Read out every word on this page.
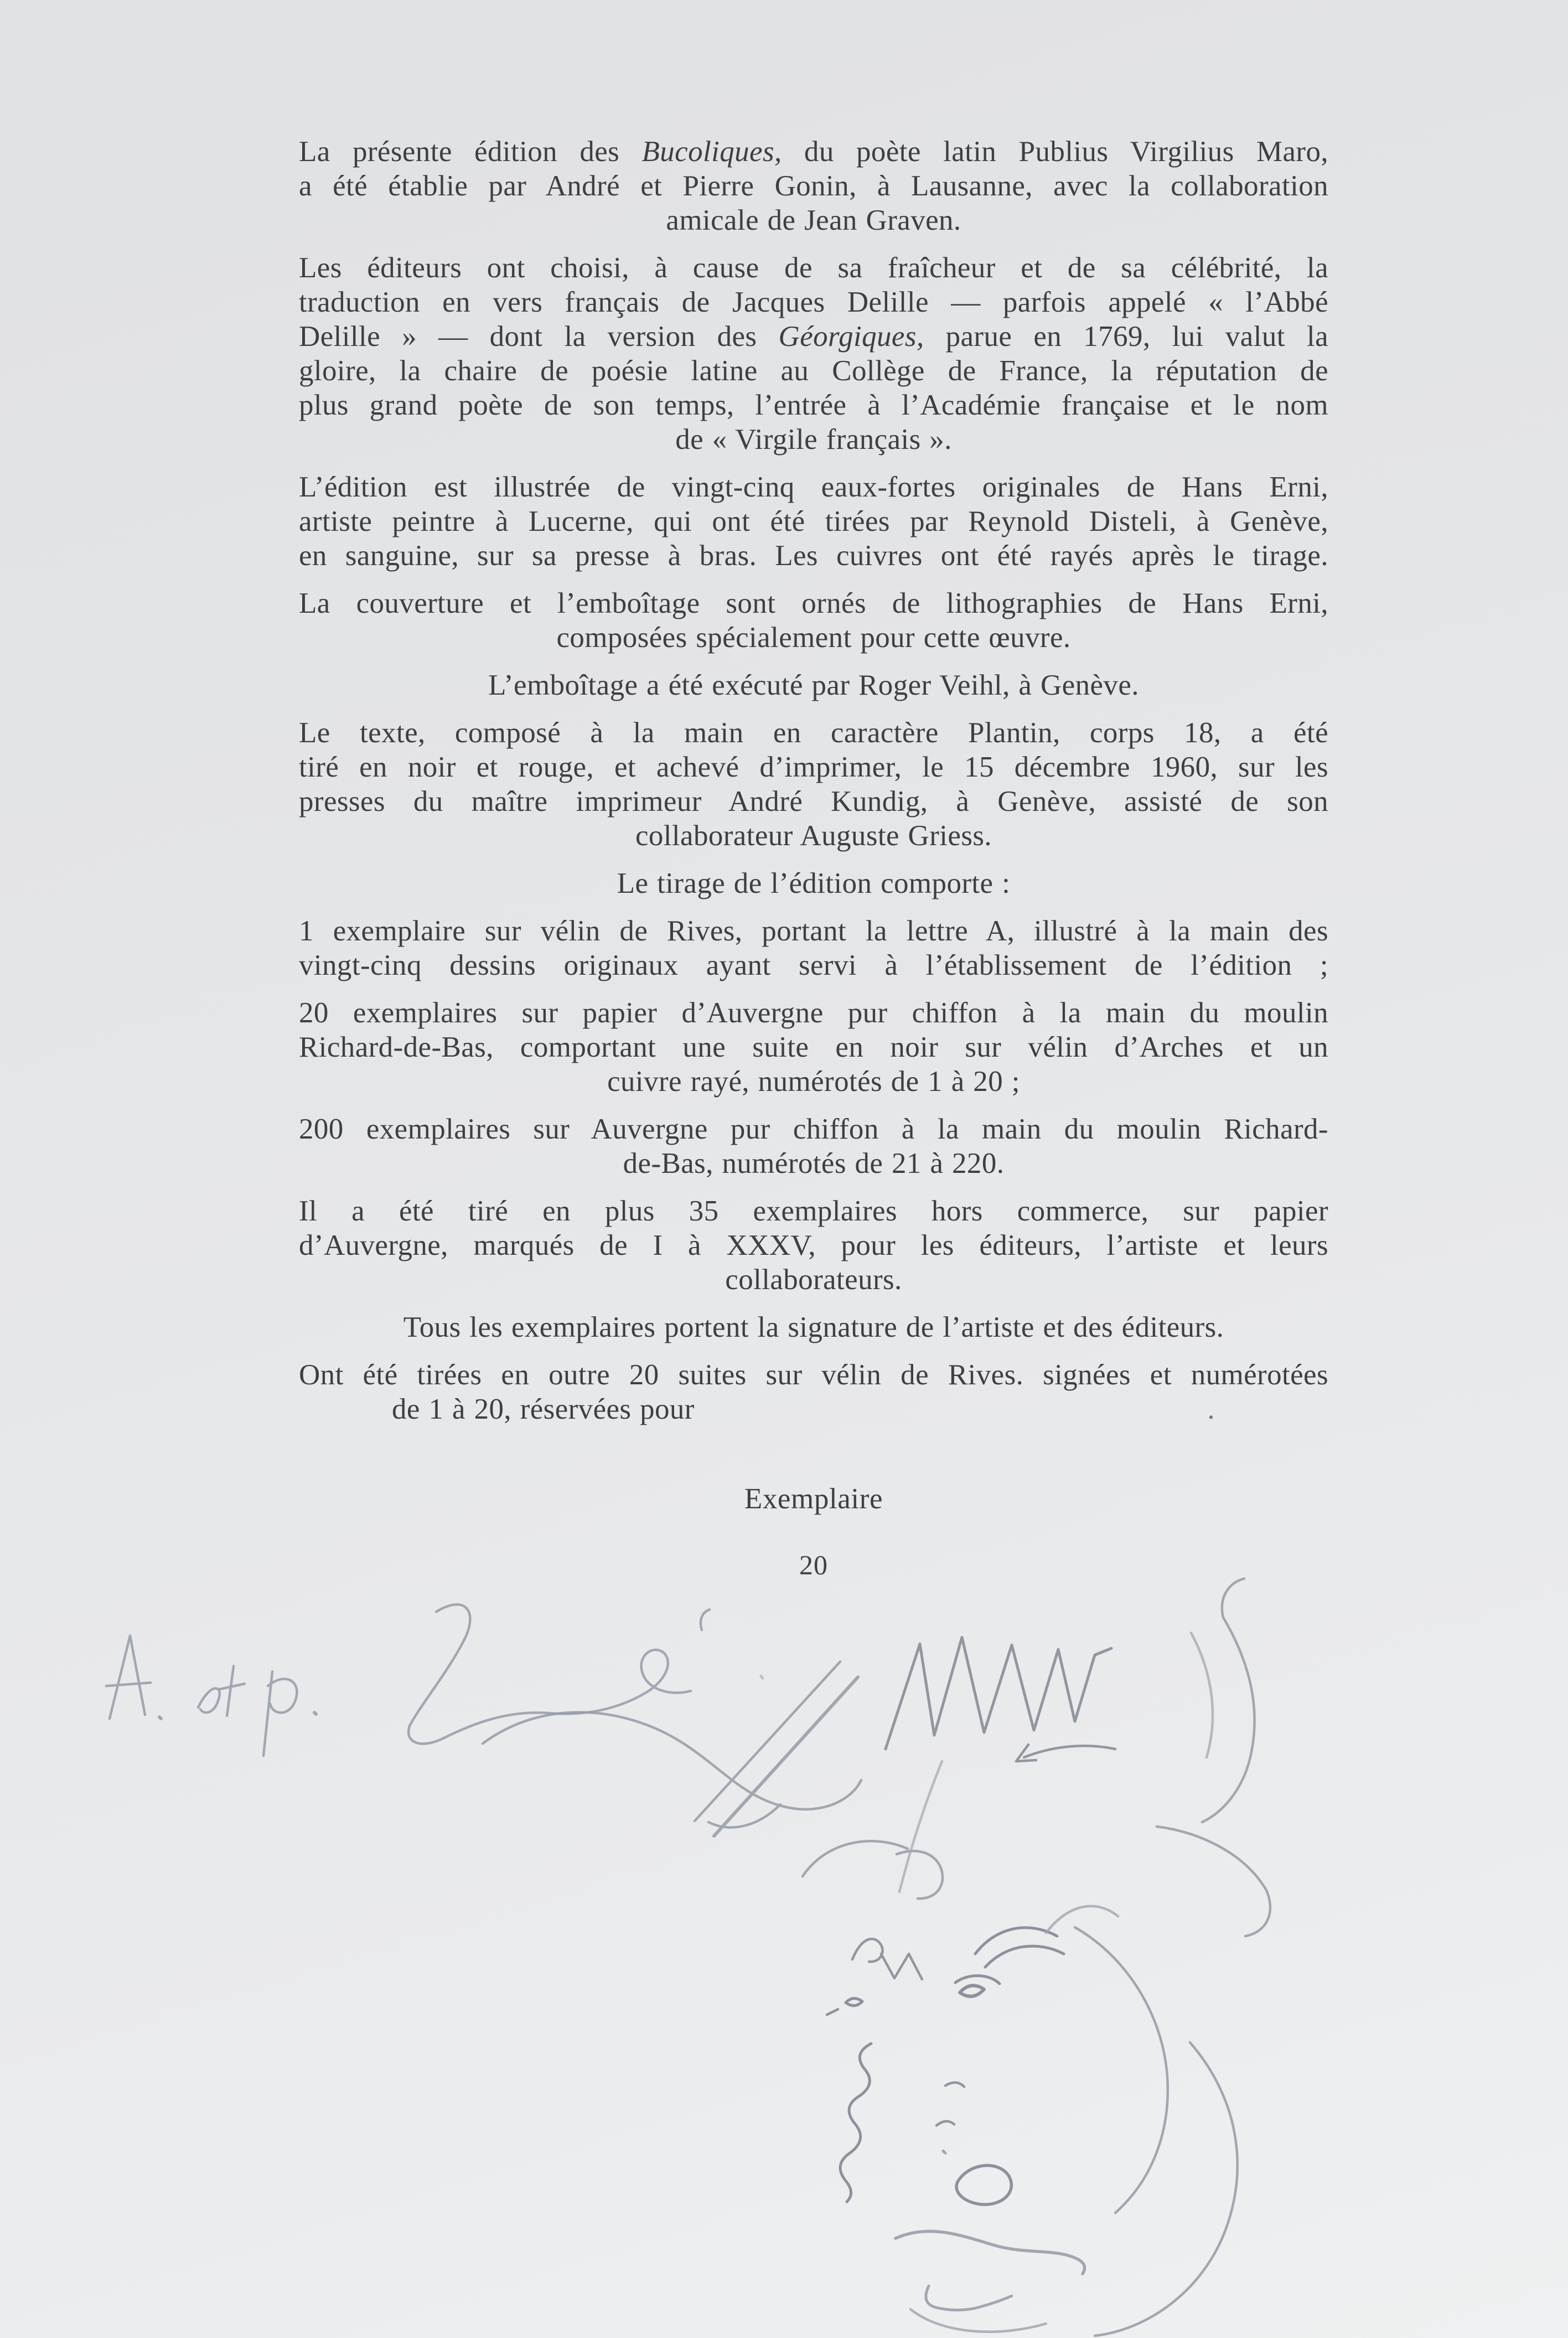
La présente édition des Bucoliques, du poète latin Publius Virgilius Maro,
a été établie par André et Pierre Gonin, à Lausanne, avec la collaboration
amicale de Jean Graven.
Les éditeurs ont choisi, à cause de sa fraîcheur et de sa célébrité, la
traduction en vers français de Jacques Delille — parfois appelé « l’Abbé
Delille » — dont la version des Géorgiques, parue en 1769, lui valut la
gloire, la chaire de poésie latine au Collège de France, la réputation de
plus grand poète de son temps, l’entrée à l’Académie française et le nom
de « Virgile français ».
L’édition est illustrée de vingt-cinq eaux-fortes originales de Hans Erni,
artiste peintre à Lucerne, qui ont été tirées par Reynold Disteli, à Genève,
en sanguine, sur sa presse à bras. Les cuivres ont été rayés après le tirage.
La couverture et l’emboîtage sont ornés de lithographies de Hans Erni,
composées spécialement pour cette œuvre.
L’emboîtage a été exécuté par Roger Veihl, à Genève.
Le texte, composé à la main en caractère Plantin, corps 18, a été
tiré en noir et rouge, et achevé d’imprimer, le 15 décembre 1960, sur les
presses du maître imprimeur André Kundig, à Genève, assisté de son
collaborateur Auguste Griess.
Le tirage de l’édition comporte :
1 exemplaire sur vélin de Rives, portant la lettre A, illustré à la main des
vingt-cinq dessins originaux ayant servi à l’établissement de l’édition ;
20 exemplaires sur papier d’Auvergne pur chiffon à la main du moulin
Richard-de-Bas, comportant une suite en noir sur vélin d’Arches et un
cuivre rayé, numérotés de 1 à 20 ;
200 exemplaires sur Auvergne pur chiffon à la main du moulin Richard-
de-Bas, numérotés de 21 à 220.
Il a été tiré en plus 35 exemplaires hors commerce, sur papier
d’Auvergne, marqués de I à XXXV, pour les éditeurs, l’artiste et leurs
collaborateurs.
Tous les exemplaires portent la signature de l’artiste et des éditeurs.
Ont été tirées en outre 20 suites sur vélin de Rives. signées et numérotées
de 1 à 20, réservées pour	.
Exemplaire
20
